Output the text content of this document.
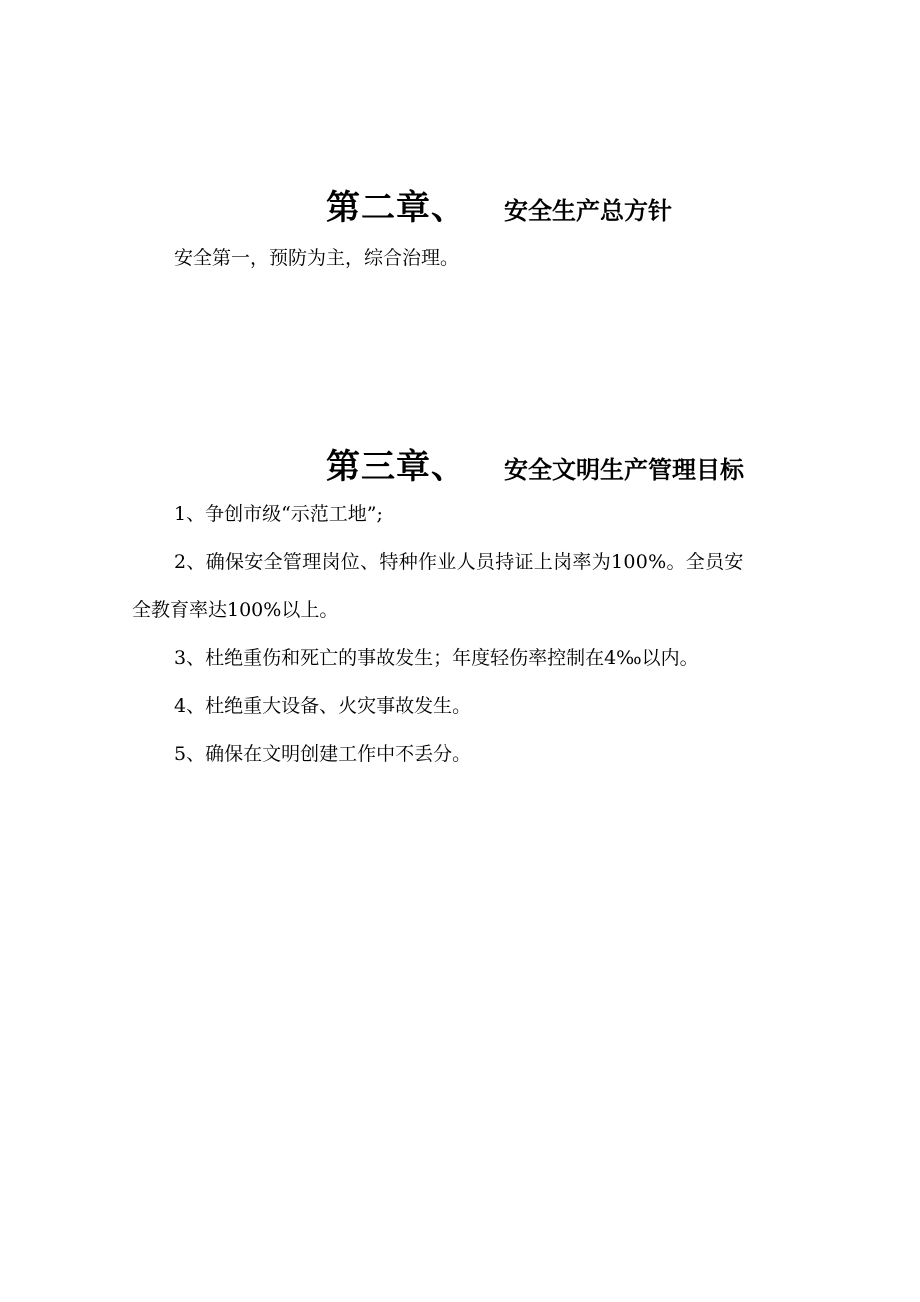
第二章、 安全生产总方针
安全第一，预防为主，综合治理。
第三章、 安全文明生产管理目标
1、争创市级“示范工地”;
2、确保安全管理岗位、特种作业人员持证上岗率为100%。全员安
全教育率达100%以上。
3、杜绝重伤和死亡的事故发生；年度轻伤率控制在4‰以内。
4、杜绝重大设备、火灾事故发生。
5、确保在文明创建工作中不丢分。
